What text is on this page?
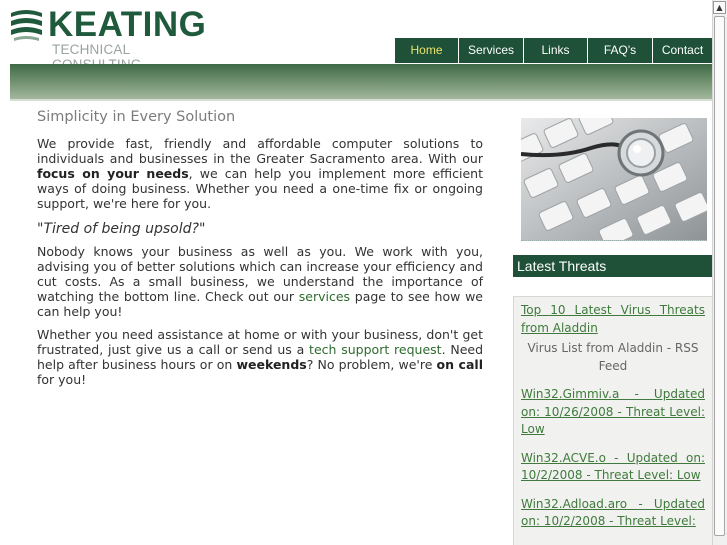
KEATING
TECHNICAL	Home	Services	Links	FAQ's	Contact
Simplicity in Every Solution

We provide fast, friendly and affordable computer solutions to individuals and businesses in the Greater Sacramento area. With our focus on your needs, we can help you implement more efficient ways of doing business. Whether you need a one-time fix or ongoing support, we're here for you.

"Tired of being upsold?"

Nobody knows your business as well as you. We work with you, advising you of better solutions which can increase your efficiency and cut costs. As a small business, we understand the importance of watching the bottom line. Check out our services page to see how we can help you!

Whether you need assistance at home or with your business, don't get frustrated, just give us a call or send us a tech support request. Need help after business hours or on weekends? No problem, we're on call for you!

Latest Threats
Top 10 Latest Virus Threats from Aladdin
Virus List from Aladdin - RSS Feed
Win32.Gimmiv.a - Updated on: 10/26/2008 - Threat Level: Low
Win32.ACVE.o - Updated on: 10/2/2008 - Threat Level: Low
Win32.Adload.aro - Updated on: 10/2/2008 - Threat Level:
▲
